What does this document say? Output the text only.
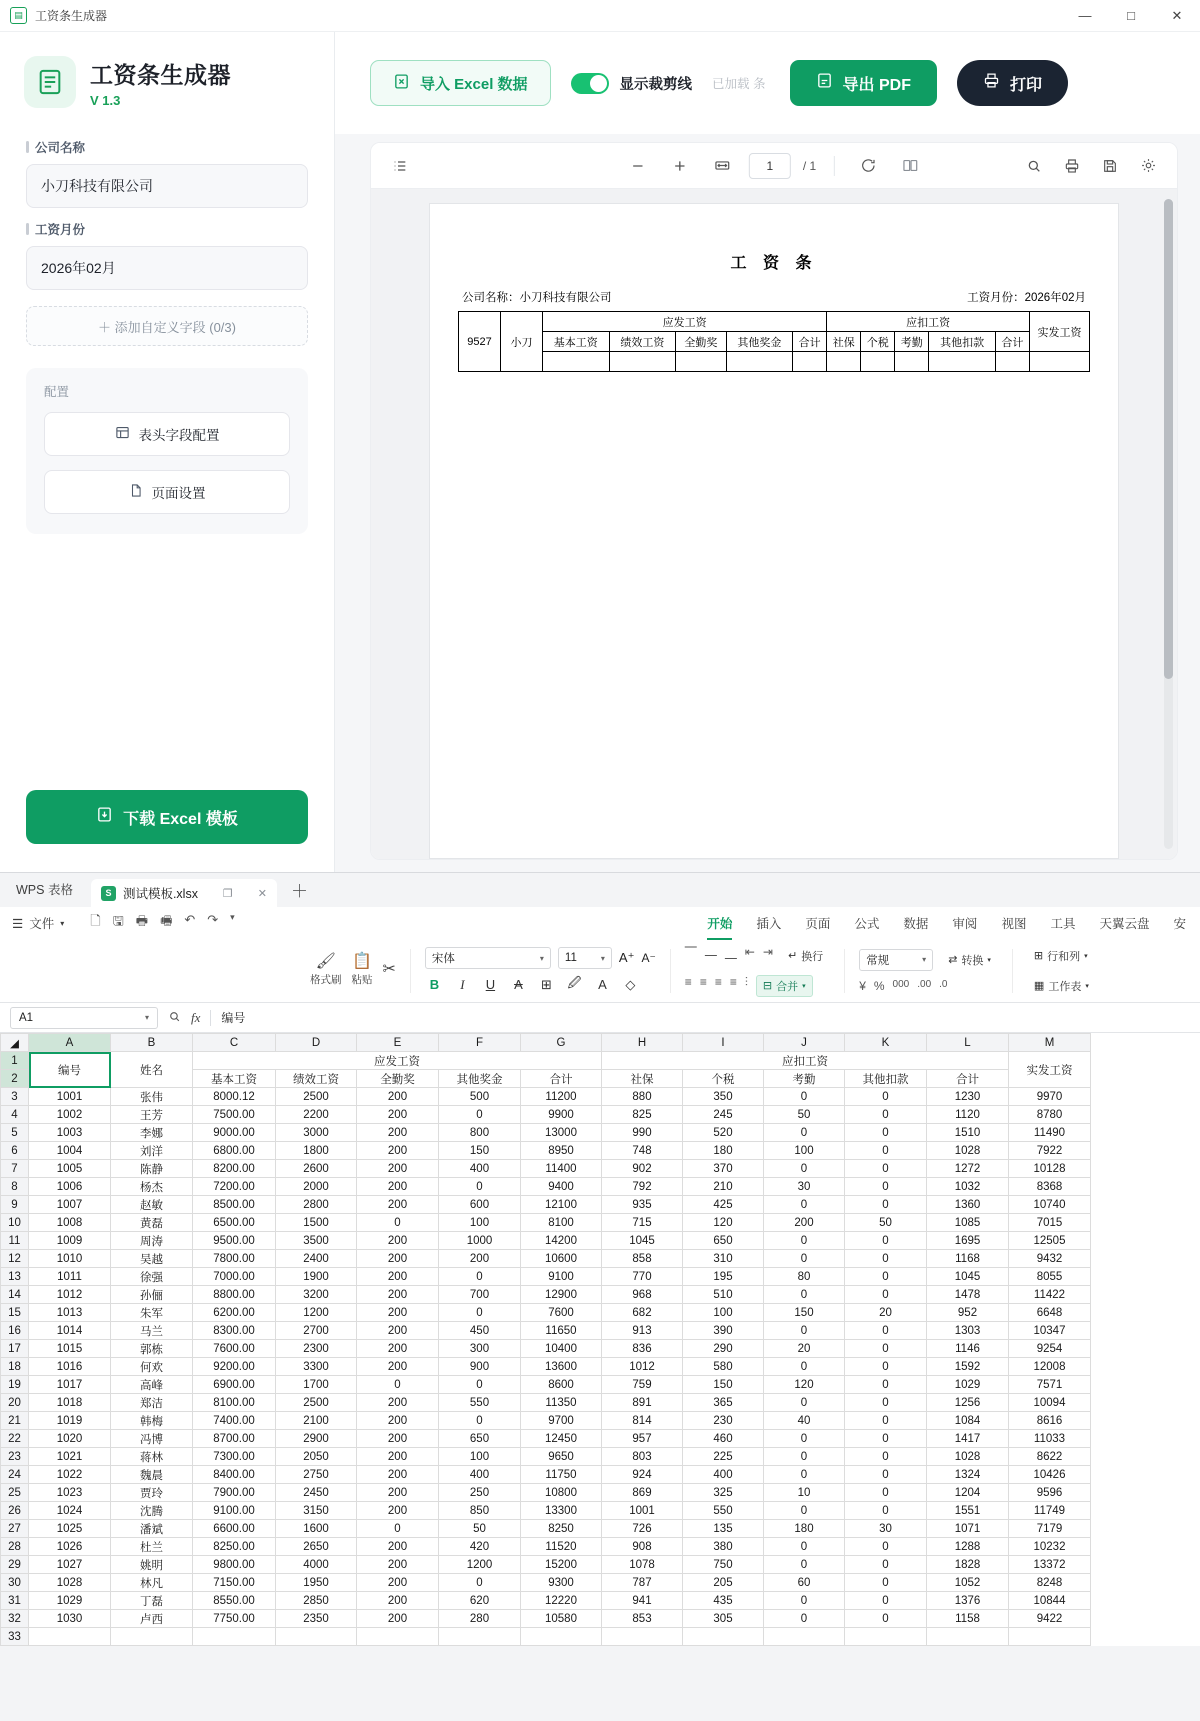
▤	工资条生成器	—	□	✕
工资条生成器
V 1.3
公司名称
小刀科技有限公司
工资月份
2026年02月
＋ 添加自定义字段 (0/3)
配置
表头字段配置
页面设置
下载 Excel 模板
导入 Excel 数据	显示裁剪线 已加载 条	导出 PDF	打印
1	/ 1
工 资 条
公司名称：小刀科技有限公司	工资月份：2026年02月
9527	小刀	应发工资					应扣工资					实发工资
		基本工资	绩效工资	全勤奖	其他奖金	合计	社保	个税	考勤	其他扣款	合计	

WPS 表格	S 测试模板.xlsx ❐ ✕	＋
☰ 文件 ▾ 🗋 🖫 🖶 🖷 ↶ ↷ ▾	开始 插入 页面 公式 数据 审阅 视图 工具 天翼云盘 安
🖌
格式刷
📋
粘贴
✂
宋体	▾ 11	▾ A⁺ A⁻
B	I	U	A	⊞	🖉	A	◇
⎺ ⎼ ⎽ ⇤ ⇥ ↵ 换行
≡ ≡ ≡ ≡ ⫶ ⊟ 合并 ▾
常规	▾ ⇄ 转换 ▾
¥ % 000 .00 .0
⊞ 行和列 ▾
▦ 工作表 ▾
A1	▾	fx 编号
◢	A	B	C	D	E	F	G	H	I	J	K	L	M
1	编号	姓名	应发工资					应扣工资					实发工资
2			基本工资	绩效工资	全勤奖	其他奖金	合计	社保	个税	考勤	其他扣款	合计	
3	1001	张伟	8000.12	2500	200	500	11200	880	350	0	0	1230	9970
4	1002	王芳	7500.00	2200	200	0	9900	825	245	50	0	1120	8780
5	1003	李娜	9000.00	3000	200	800	13000	990	520	0	0	1510	11490
6	1004	刘洋	6800.00	1800	200	150	8950	748	180	100	0	1028	7922
7	1005	陈静	8200.00	2600	200	400	11400	902	370	0	0	1272	10128
8	1006	杨杰	7200.00	2000	200	0	9400	792	210	30	0	1032	8368
9	1007	赵敏	8500.00	2800	200	600	12100	935	425	0	0	1360	10740
10	1008	黄磊	6500.00	1500	0	100	8100	715	120	200	50	1085	7015
11	1009	周涛	9500.00	3500	200	1000	14200	1045	650	0	0	1695	12505
12	1010	吴越	7800.00	2400	200	200	10600	858	310	0	0	1168	9432
13	1011	徐强	7000.00	1900	200	0	9100	770	195	80	0	1045	8055
14	1012	孙俪	8800.00	3200	200	700	12900	968	510	0	0	1478	11422
15	1013	朱军	6200.00	1200	200	0	7600	682	100	150	20	952	6648
16	1014	马兰	8300.00	2700	200	450	11650	913	390	0	0	1303	10347
17	1015	郭栋	7600.00	2300	200	300	10400	836	290	20	0	1146	9254
18	1016	何欢	9200.00	3300	200	900	13600	1012	580	0	0	1592	12008
19	1017	高峰	6900.00	1700	0	0	8600	759	150	120	0	1029	7571
20	1018	郑洁	8100.00	2500	200	550	11350	891	365	0	0	1256	10094
21	1019	韩梅	7400.00	2100	200	0	9700	814	230	40	0	1084	8616
22	1020	冯博	8700.00	2900	200	650	12450	957	460	0	0	1417	11033
23	1021	蒋林	7300.00	2050	200	100	9650	803	225	0	0	1028	8622
24	1022	魏晨	8400.00	2750	200	400	11750	924	400	0	0	1324	10426
25	1023	贾玲	7900.00	2450	200	250	10800	869	325	10	0	1204	9596
26	1024	沈腾	9100.00	3150	200	850	13300	1001	550	0	0	1551	11749
27	1025	潘斌	6600.00	1600	0	50	8250	726	135	180	30	1071	7179
28	1026	杜兰	8250.00	2650	200	420	11520	908	380	0	0	1288	10232
29	1027	姚明	9800.00	4000	200	1200	15200	1078	750	0	0	1828	13372
30	1028	林凡	7150.00	1950	200	0	9300	787	205	60	0	1052	8248
31	1029	丁磊	8550.00	2850	200	620	12220	941	435	0	0	1376	10844
32	1030	卢西	7750.00	2350	200	280	10580	853	305	0	0	1158	9422
33													
